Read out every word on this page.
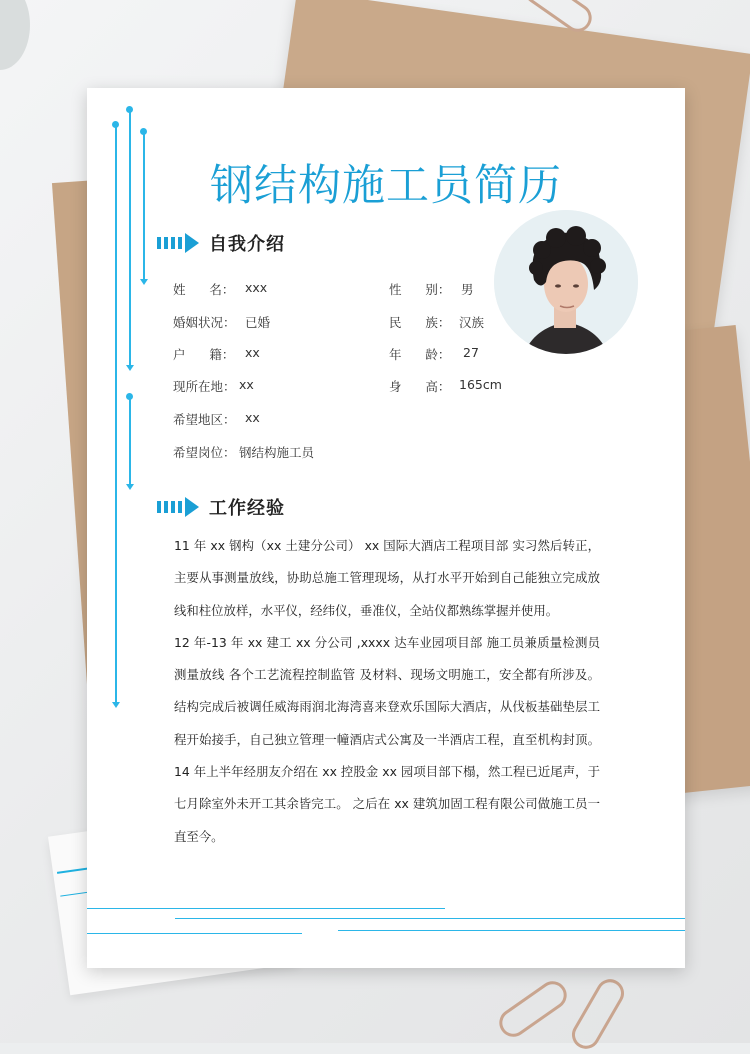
钢结构施工员简历
自我介绍
姓      名： xxx	性      别： 男
婚姻状况： 已婚	民      族： 汉族
户      籍： xx	年      龄： 27
现所在地： xx	身      高： 165cm
希望地区： xx
希望岗位： 钢结构施工员
工作经验

11 年 xx 钢构（xx 土建分公司） xx 国际大酒店工程项目部 实习然后转正，主要从事测量放线，协助总施工管理现场，从打水平开始到自己能独立完成放线和柱位放样，水平仪，经纬仪，垂准仪，全站仪都熟练掌握并使用。

12 年-13 年 xx 建工 xx 分公司 ,xxxx 达车业园项目部 施工员兼质量检测员 测量放线 各个工艺流程控制监管 及材料、现场文明施工，安全都有所涉及。结构完成后被调任威海雨润北海湾喜来登欢乐国际大酒店，从伐板基础垫层工程开始接手，自己独立管理一幢酒店式公寓及一半酒店工程，直至机构封顶。 14 年上半年经朋友介绍在 xx 控股金 xx 园项目部下榻，然工程已近尾声，于七月除室外未开工其余皆完工。 之后在 xx 建筑加固工程有限公司做施工员一直至今。
